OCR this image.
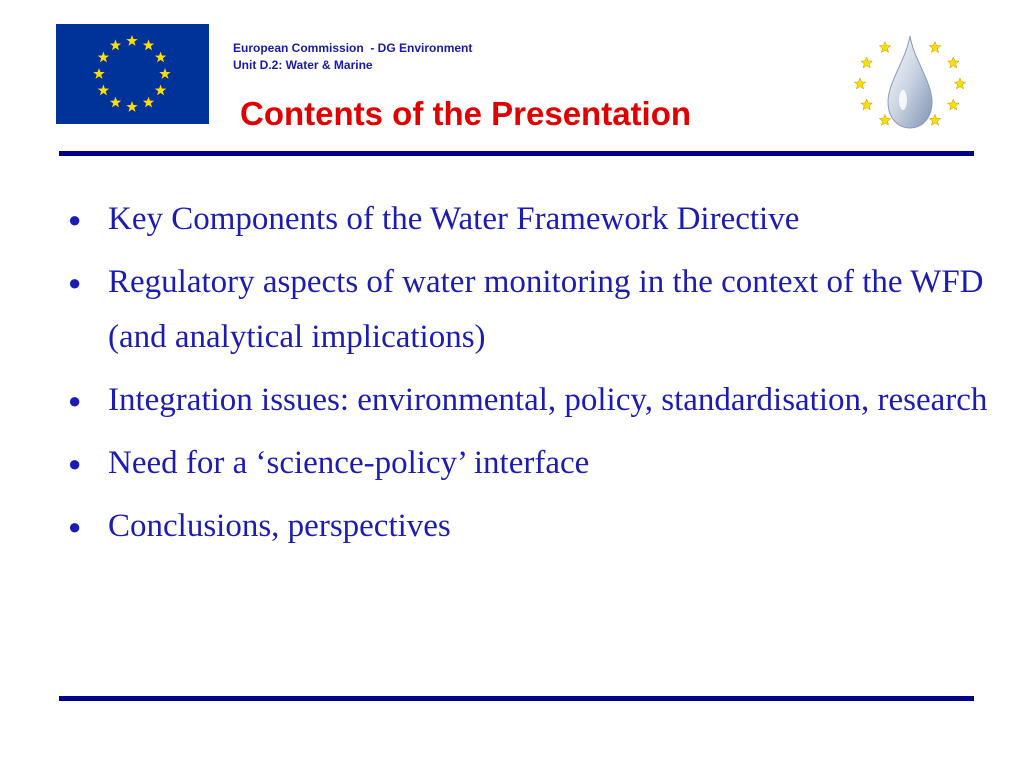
European Commission  - DG Environment
Unit D.2: Water & Marine
Contents of the Presentation
● Key Components of the Water Framework Directive
● Regulatory aspects of water monitoring in the context of the WFD (and analytical implications)
● Integration issues: environmental, policy, standardisation, research
● Need for a ‘science-policy’ interface
● Conclusions, perspectives
